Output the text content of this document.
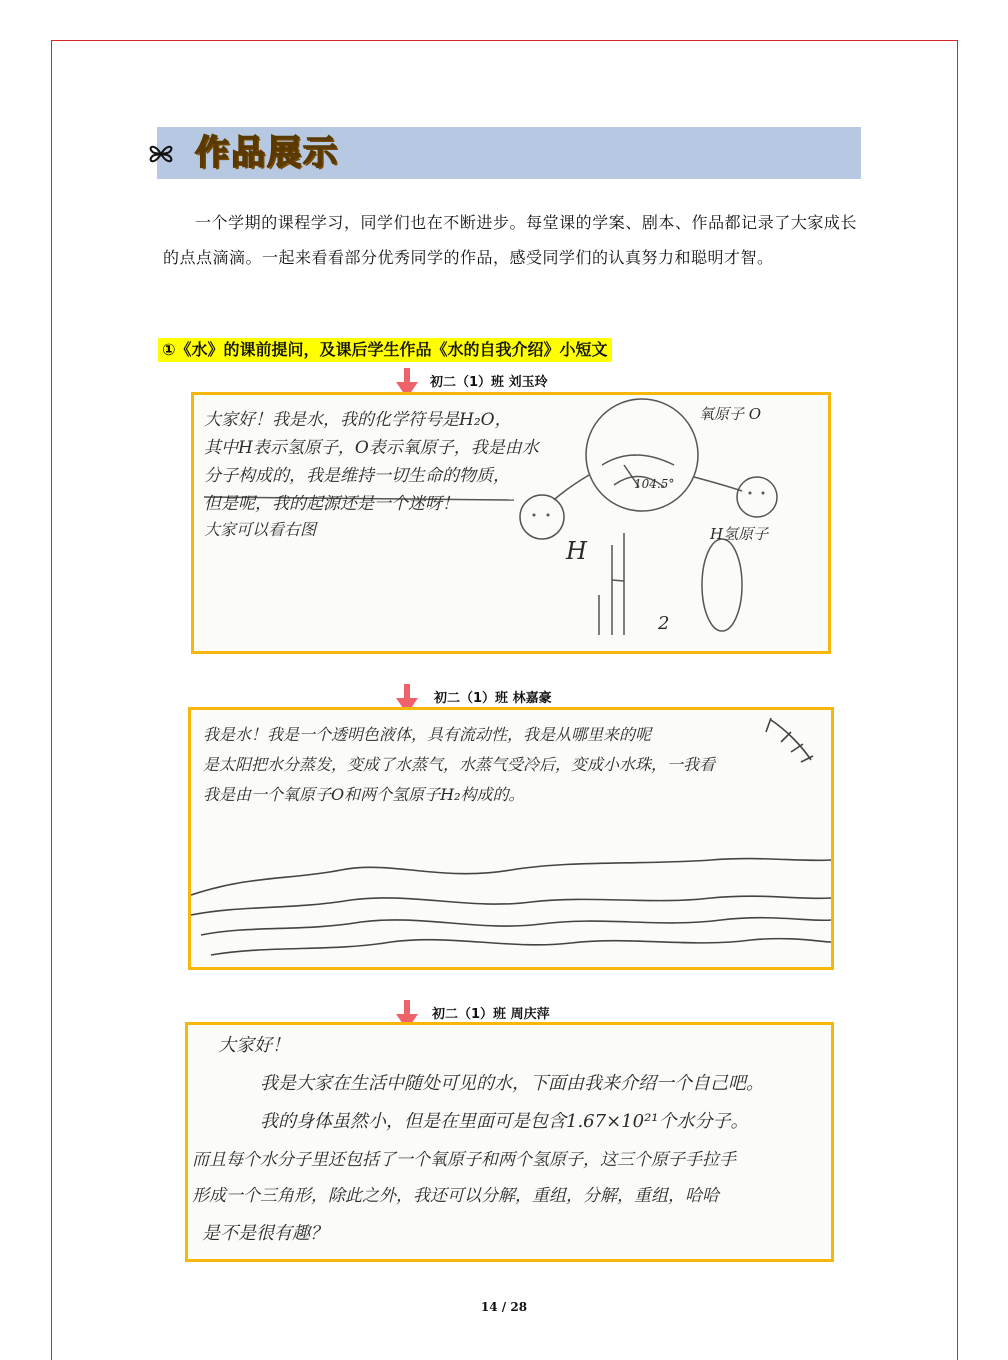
作品展示

一个学期的课程学习，同学们也在不断进步。每堂课的学案、剧本、作品都记录了大家成长的点点滴滴。一起来看看部分优秀同学的作品，感受同学们的认真努力和聪明才智。

①《水》的课前提问，及课后学生作品《水的自我介绍》小短文
初二（1）班 刘玉玲
大家好！我是水，我的化学符号是H₂O，
其中H表示氢原子，O表示氧原子，我是由水
分子构成的，我是维持一切生命的物质，
但是呢，我的起源还是一个迷呀！
大家可以看右图
氧原子 O
104.5°
H氢原子
H
2
初二（1）班 林嘉豪
我是水！我是一个透明色液体，具有流动性，我是从哪里来的呢
是太阳把水分蒸发，变成了水蒸气，水蒸气受冷后，变成小水珠，一我看
我是由一个氧原子O和两个氢原子H₂构成的。
初二（1）班 周庆萍
大家好！
我是大家在生活中随处可见的水，下面由我来介绍一个自己吧。
我的身体虽然小，但是在里面可是包含1.67×10²¹个水分子。
而且每个水分子里还包括了一个氧原子和两个氢原子，这三个原子手拉手
形成一个三角形，除此之外，我还可以分解，重组，分解，重组，哈哈
是不是很有趣？
14 / 28
